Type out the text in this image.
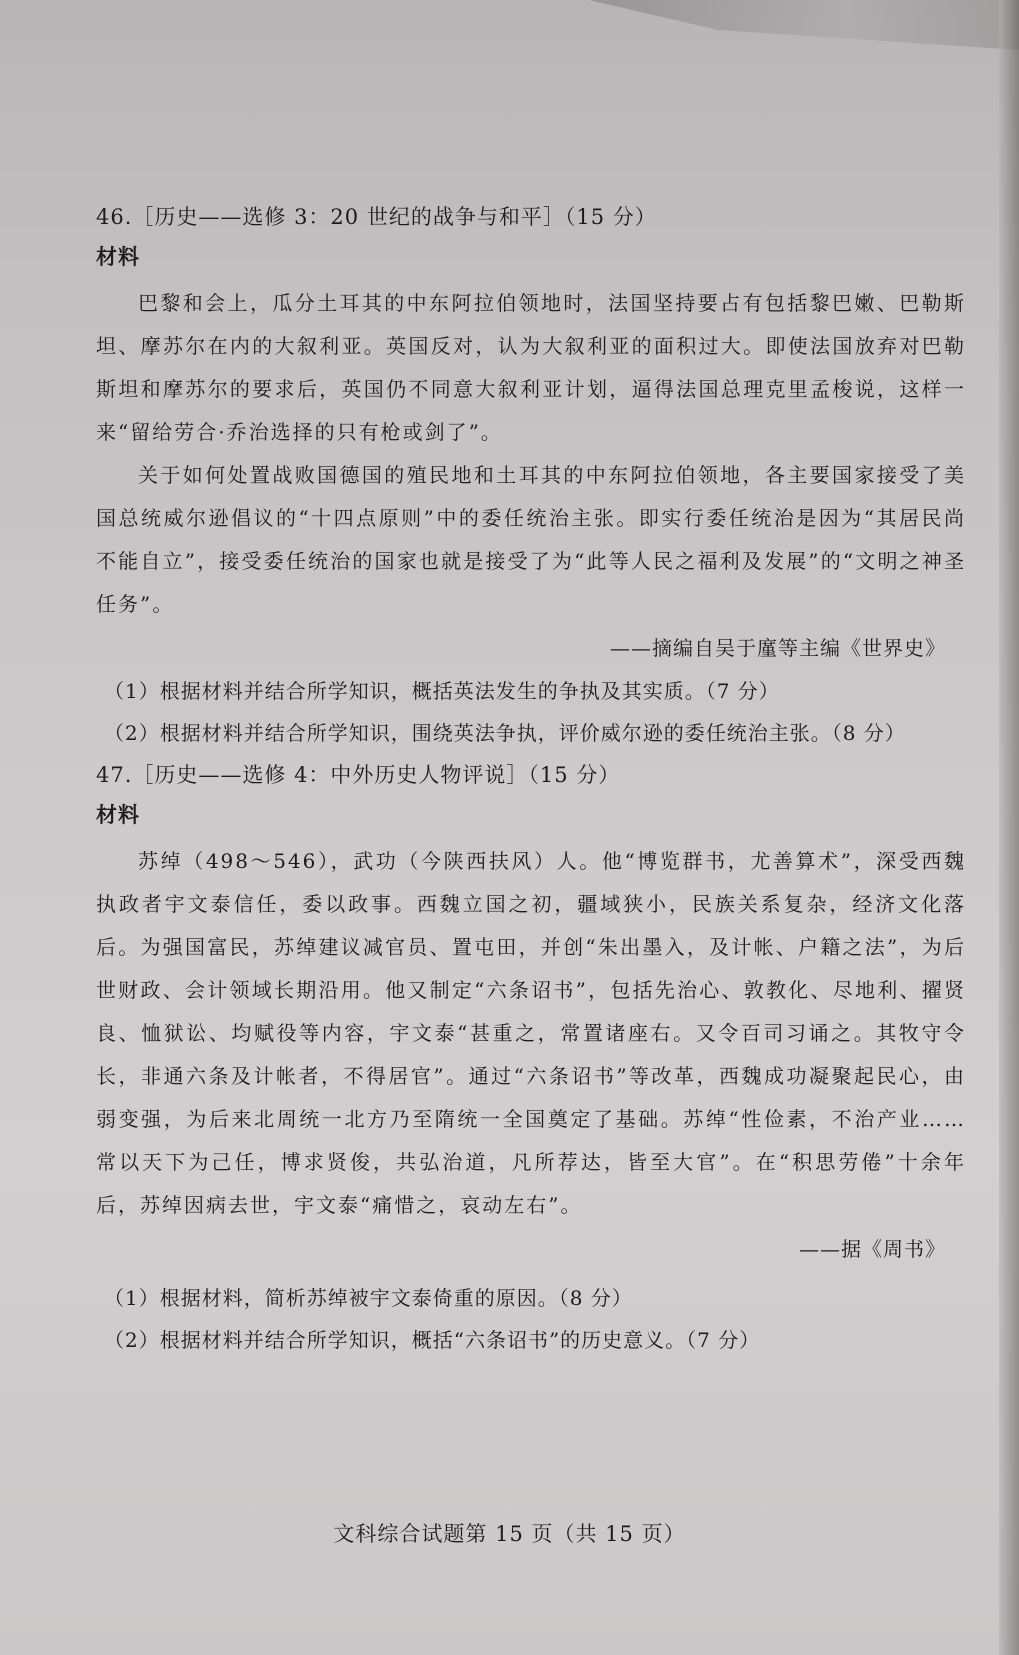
46.［历史——选修 3：20 世纪的战争与和平］（15 分）
材料
巴黎和会上，瓜分土耳其的中东阿拉伯领地时，法国坚持要占有包括黎巴嫩、巴勒斯坦、摩苏尔在内的大叙利亚。英国反对，认为大叙利亚的面积过大。即使法国放弃对巴勒斯坦和摩苏尔的要求后，英国仍不同意大叙利亚计划，逼得法国总理克里孟梭说，这样一来“留给劳合·乔治选择的只有枪或剑了”。
关于如何处置战败国德国的殖民地和土耳其的中东阿拉伯领地，各主要国家接受了美国总统威尔逊倡议的“十四点原则”中的委任统治主张。即实行委任统治是因为“其居民尚不能自立”，接受委任统治的国家也就是接受了为“此等人民之福利及发展”的“文明之神圣任务”。
——摘编自吴于廑等主编《世界史》
（1）根据材料并结合所学知识，概括英法发生的争执及其实质。（7 分）
（2）根据材料并结合所学知识，围绕英法争执，评价威尔逊的委任统治主张。（8 分）
47.［历史——选修 4：中外历史人物评说］（15 分）
材料
苏绰（498～546），武功（今陕西扶风）人。他“博览群书，尤善算术”，深受西魏执政者宇文泰信任，委以政事。西魏立国之初，疆域狭小，民族关系复杂，经济文化落后。为强国富民，苏绰建议减官员、置屯田，并创“朱出墨入，及计帐、户籍之法”，为后世财政、会计领域长期沿用。他又制定“六条诏书”，包括先治心、敦教化、尽地利、擢贤良、恤狱讼、均赋役等内容，宇文泰“甚重之，常置诸座右。又令百司习诵之。其牧守令长，非通六条及计帐者，不得居官”。通过“六条诏书”等改革，西魏成功凝聚起民心，由弱变强，为后来北周统一北方乃至隋统一全国奠定了基础。苏绰“性俭素，不治产业……常以天下为己任，博求贤俊，共弘治道，凡所荐达，皆至大官”。在“积思劳倦”十余年后，苏绰因病去世，宇文泰“痛惜之，哀动左右”。
——据《周书》
（1）根据材料，简析苏绰被宇文泰倚重的原因。（8 分）
（2）根据材料并结合所学知识，概括“六条诏书”的历史意义。（7 分）
文科综合试题第 15 页（共 15 页）
